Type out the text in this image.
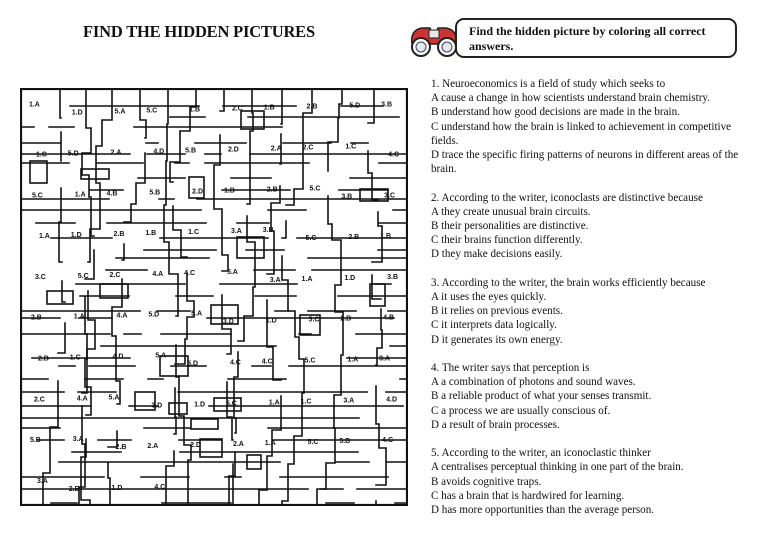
FIND THE HIDDEN PICTURES	Find the hidden picture by coloring all correct answers.
1.A
1.D	5.A	5.C	1.B	2.C	1.B	2.B	5.D	3.B
1.C	5.D	2.A	4.D	5.B	2.D	2.A	2.C	1.C
4.C
5.C	1.A	4.B	5.B	2.D	1.B	2.B	5.C
3.B	3.C
1.A	1.D	2.B	1.B	1.C	3.A	3.B
5.C	2.B	1.B
3.C	5.C	2.C	4.A	4.C	5.A
3.A	1.A	1.D	3.B
2.B	1.A	4.A	5.D	5.A
3.D	1.D	5.C	2.B	4.B
2.B	1.C	4.D	5.A
5.D	4.C	4.C	5.C	1.A	3.A
2.C	4.A	5.A
3.D	1.D	5.C	1.A	1.C	3.A	4.D
5.B	3.A
2.B	2.A	2.D	2.A	1.A	5.C	5.B	4.C
3.A
2.B	1.D	4.C
1. Neuroeconomics is a field of study which seeks to
A cause a change in how scientists understand brain chemistry.
B understand how good decisions are made in the brain.
C understand how the brain is linked to achievement in competitive fields.
D trace the specific firing patterns of neurons in different areas of the brain.
2. According to the writer, iconoclasts are distinctive because
A they create unusual brain circuits.
B their personalities are distinctive.
C their brains function differently.
D they make decisions easily.
3. According to the writer, the brain works efficiently because
A it uses the eyes quickly.
B it relies on previous events.
C it interprets data logically.
D it generates its own energy.
4. The writer says that perception is
A a combination of photons and sound waves.
B a reliable product of what your senses transmit.
C a process we are usually conscious of.
D a result of brain processes.
5. According to the writer, an iconoclastic thinker
A centralises perceptual thinking in one part of the brain.
B avoids cognitive traps.
C has a brain that is hardwired for learning.
D has more opportunities than the average person.
